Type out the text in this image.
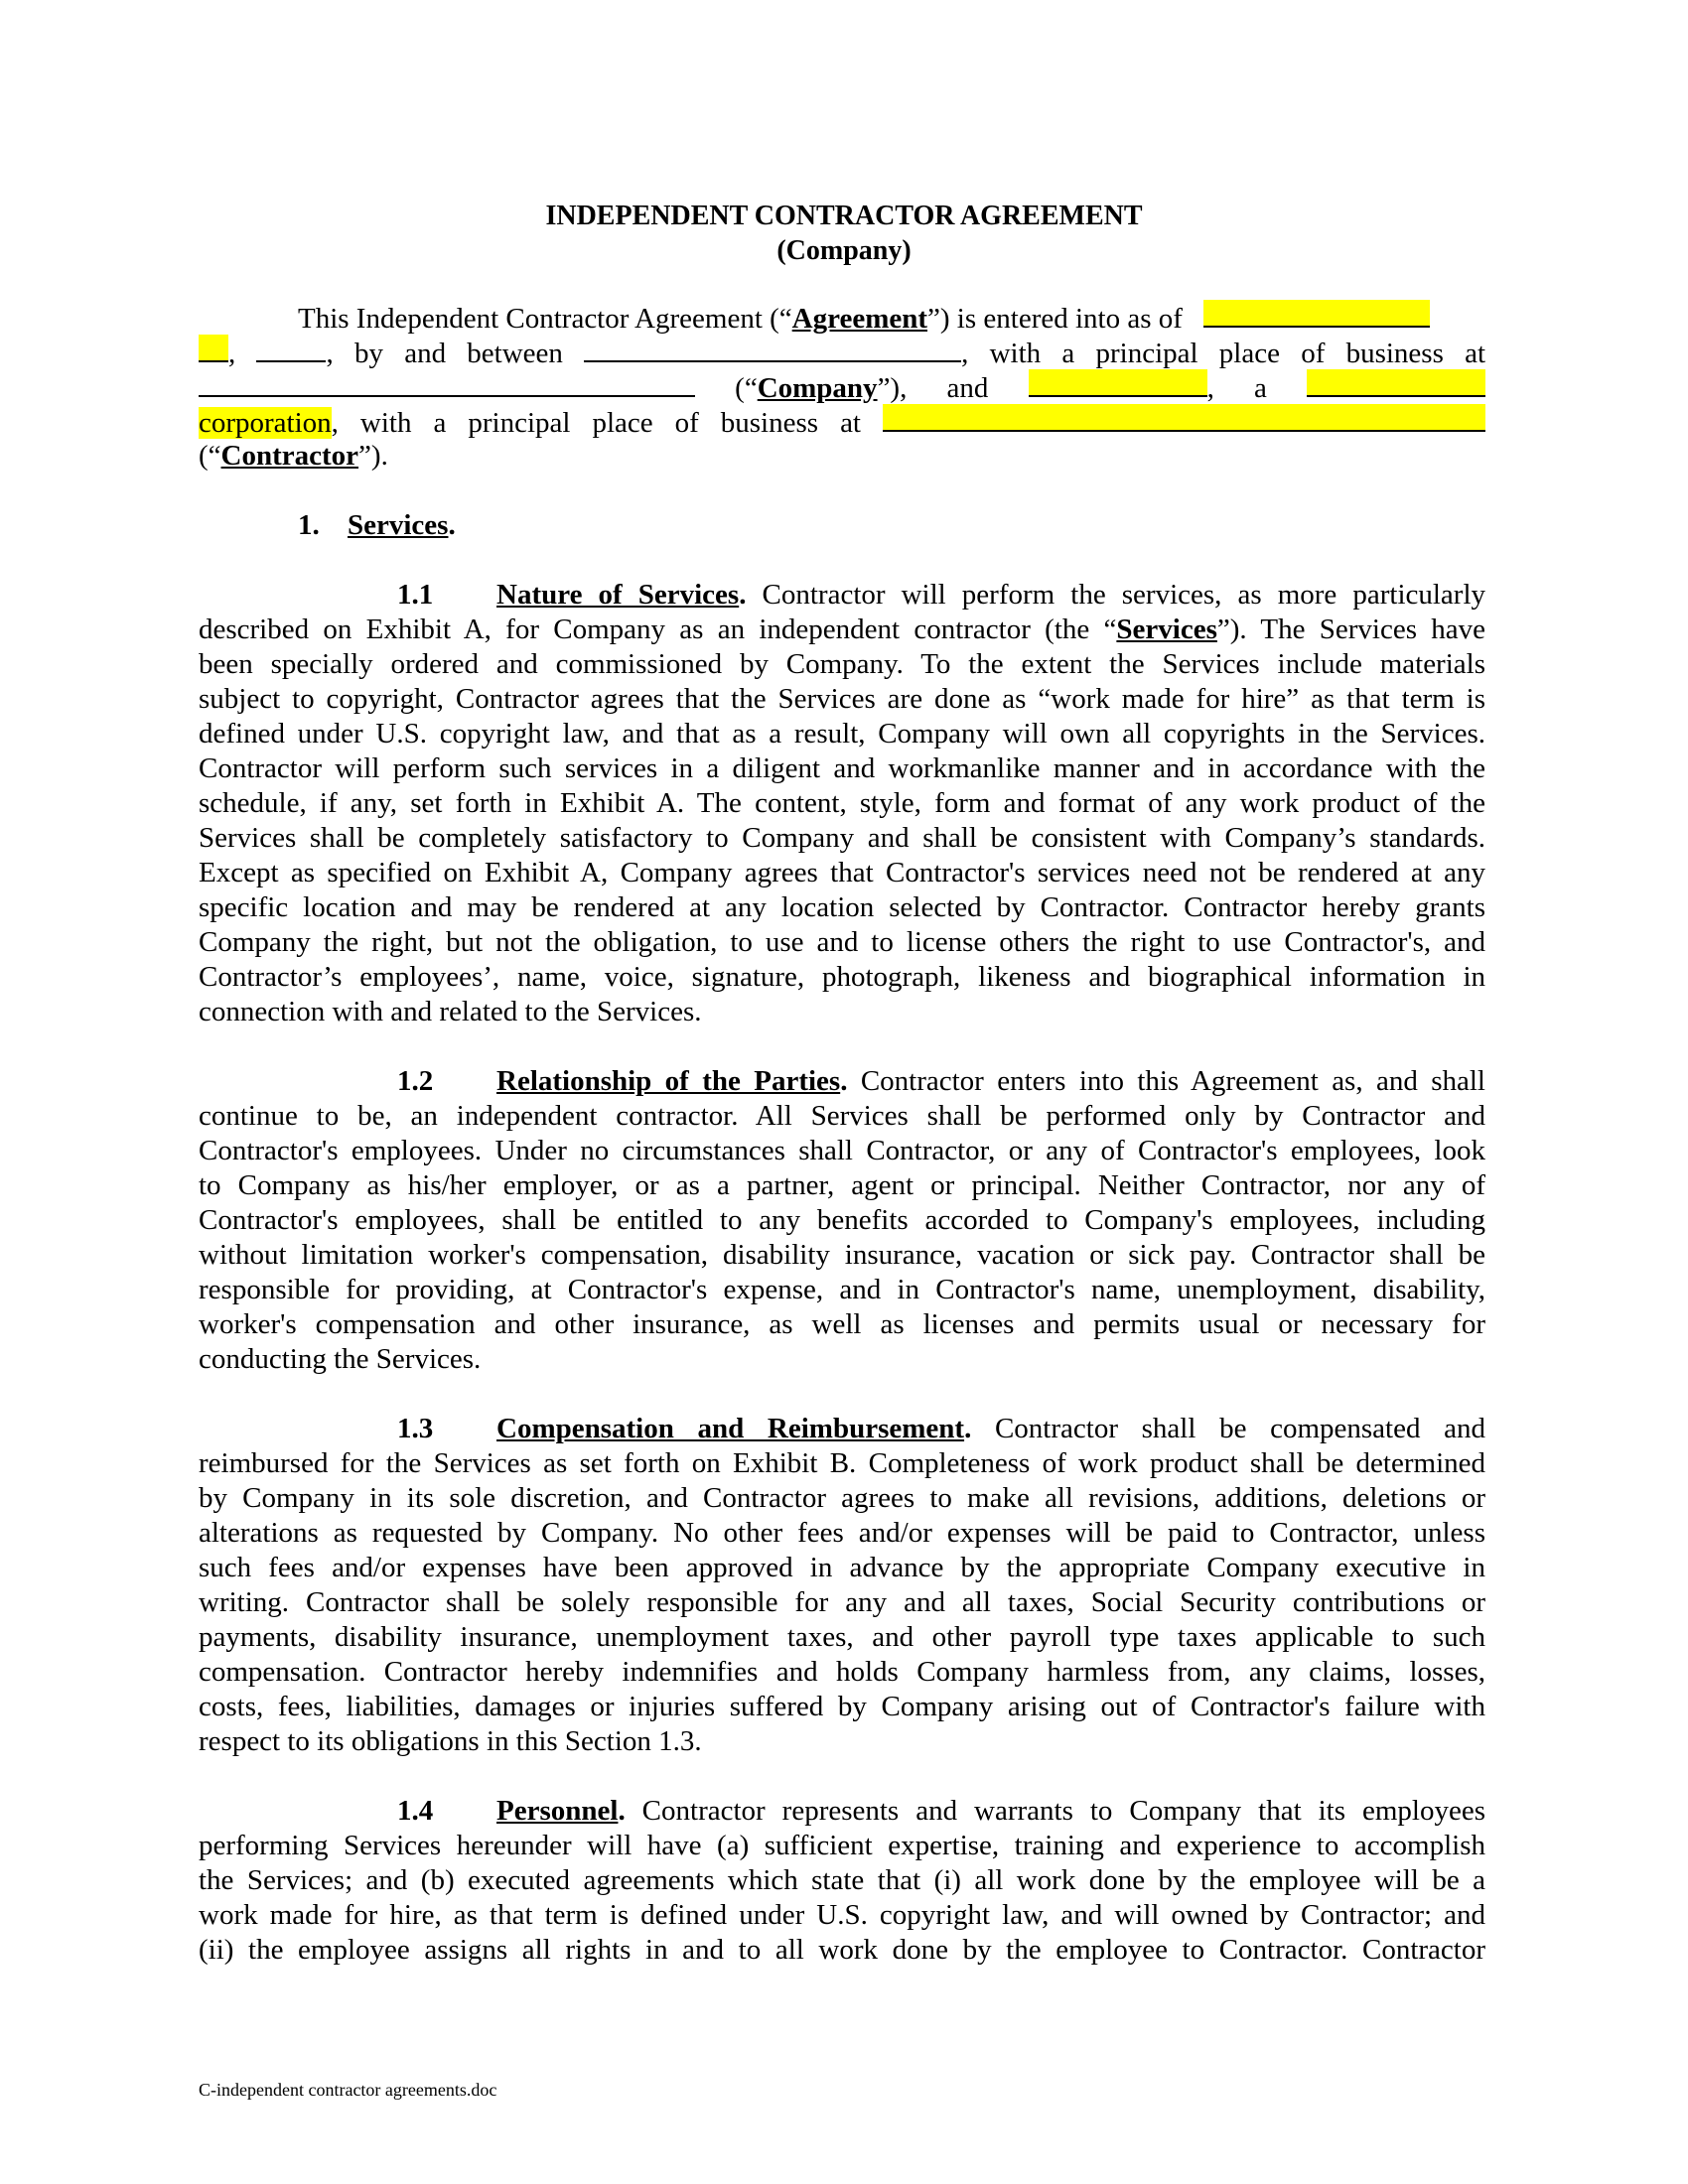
INDEPENDENT CONTRACTOR AGREEMENT
(Company)
This Independent Contractor Agreement (“Agreement”) is entered into as of
,	, by and between	, with a principal place of business at
(“Company”), and	, a
corporation, with a principal place of business at
(“Contractor”).
1. Services.
1.1 Nature of Services. Contractor will perform the services, as more particularly
described on Exhibit A, for Company as an independent contractor (the “Services”). The Services have
been specially ordered and commissioned by Company. To the extent the Services include materials
subject to copyright, Contractor agrees that the Services are done as “work made for hire” as that term is
defined under U.S. copyright law, and that as a result, Company will own all copyrights in the Services.
Contractor will perform such services in a diligent and workmanlike manner and in accordance with the
schedule, if any, set forth in Exhibit A. The content, style, form and format of any work product of the
Services shall be completely satisfactory to Company and shall be consistent with Company’s standards.
Except as specified on Exhibit A, Company agrees that Contractor's services need not be rendered at any
specific location and may be rendered at any location selected by Contractor. Contractor hereby grants
Company the right, but not the obligation, to use and to license others the right to use Contractor's, and
Contractor’s employees’, name, voice, signature, photograph, likeness and biographical information in
connection with and related to the Services.
1.2 Relationship of the Parties. Contractor enters into this Agreement as, and shall
continue to be, an independent contractor. All Services shall be performed only by Contractor and
Contractor's employees. Under no circumstances shall Contractor, or any of Contractor's employees, look
to Company as his/her employer, or as a partner, agent or principal. Neither Contractor, nor any of
Contractor's employees, shall be entitled to any benefits accorded to Company's employees, including
without limitation worker's compensation, disability insurance, vacation or sick pay. Contractor shall be
responsible for providing, at Contractor's expense, and in Contractor's name, unemployment, disability,
worker's compensation and other insurance, as well as licenses and permits usual or necessary for
conducting the Services.
1.3 Compensation and Reimbursement. Contractor shall be compensated and
reimbursed for the Services as set forth on Exhibit B. Completeness of work product shall be determined
by Company in its sole discretion, and Contractor agrees to make all revisions, additions, deletions or
alterations as requested by Company. No other fees and/or expenses will be paid to Contractor, unless
such fees and/or expenses have been approved in advance by the appropriate Company executive in
writing. Contractor shall be solely responsible for any and all taxes, Social Security contributions or
payments, disability insurance, unemployment taxes, and other payroll type taxes applicable to such
compensation. Contractor hereby indemnifies and holds Company harmless from, any claims, losses,
costs, fees, liabilities, damages or injuries suffered by Company arising out of Contractor's failure with
respect to its obligations in this Section 1.3.
1.4 Personnel. Contractor represents and warrants to Company that its employees
performing Services hereunder will have (a) sufficient expertise, training and experience to accomplish
the Services; and (b) executed agreements which state that (i) all work done by the employee will be a
work made for hire, as that term is defined under U.S. copyright law, and will owned by Contractor; and
(ii) the employee assigns all rights in and to all work done by the employee to Contractor. Contractor
C-independent contractor agreements.doc
